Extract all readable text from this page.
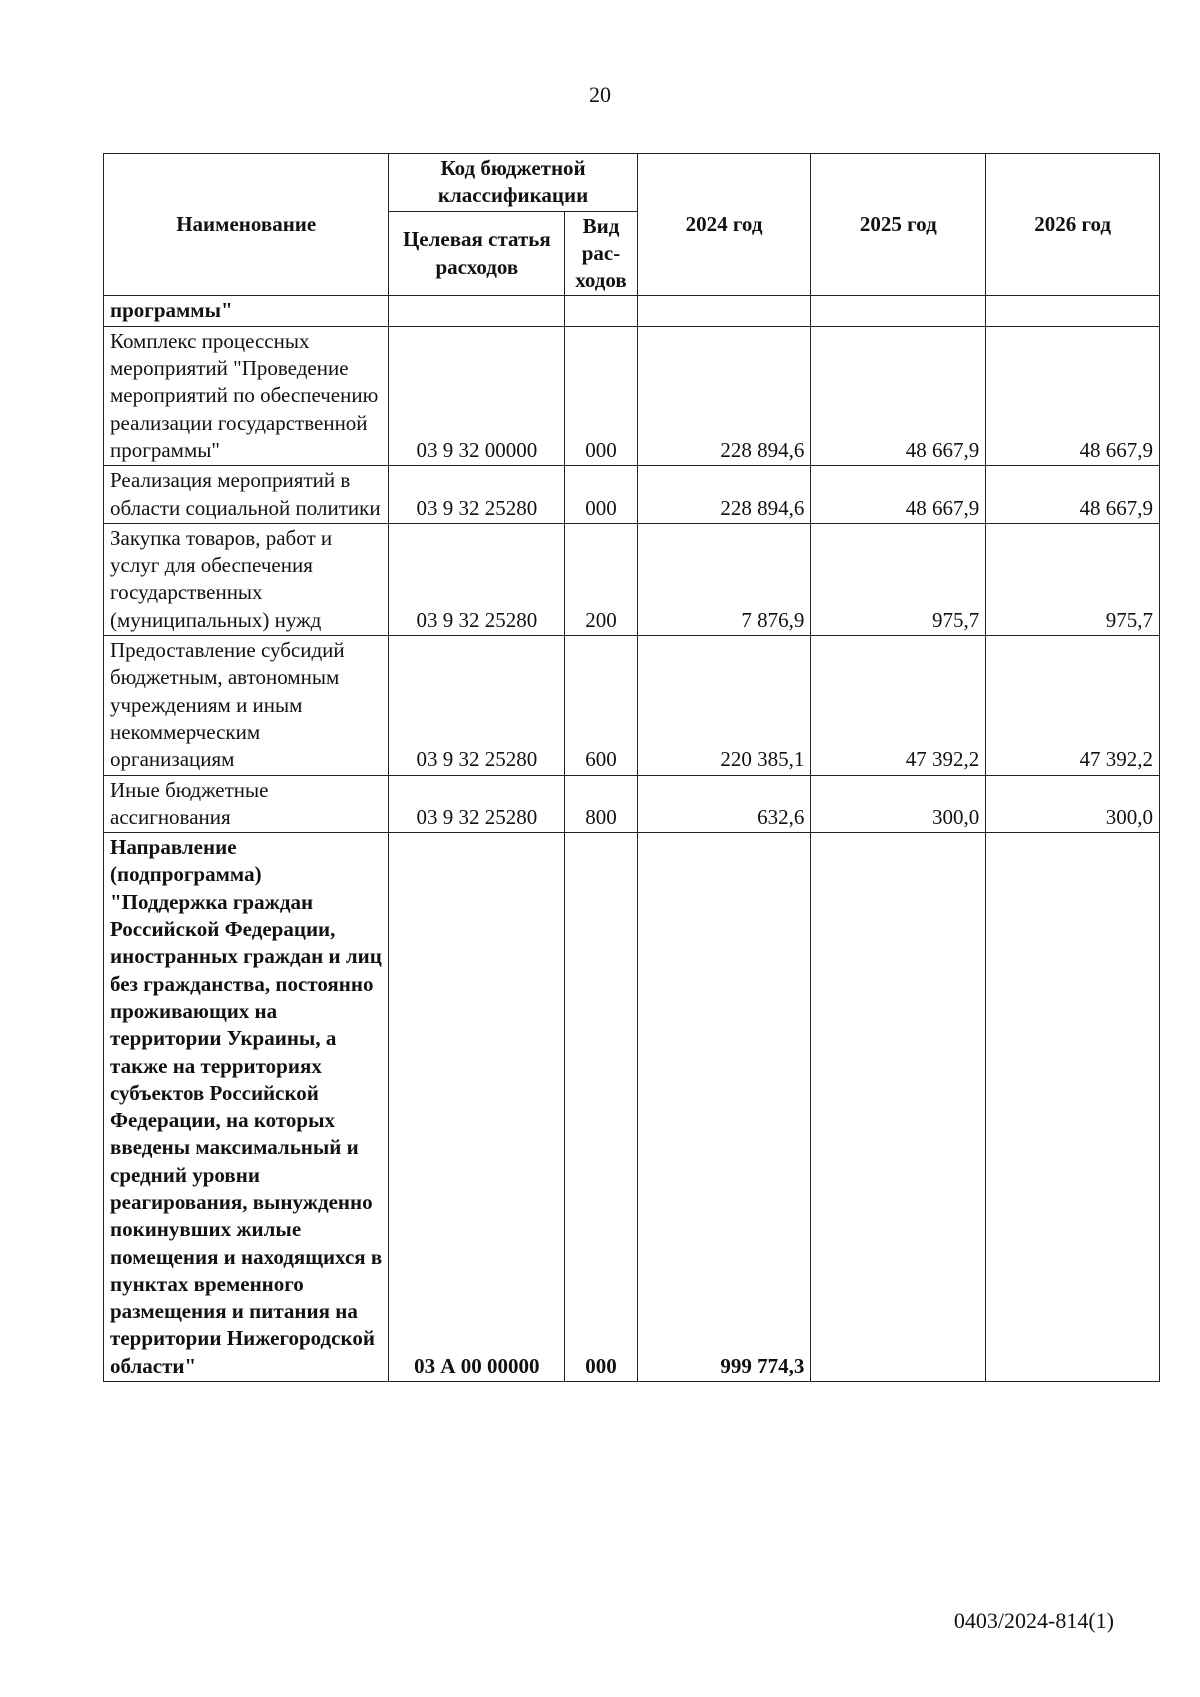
20
Наименование	Код бюджетной классификации		2024 год	2025 год	2026 год
	Целевая статья расходов	Вид рас-ходов			
программы"					
Комплекс процессных мероприятий "Проведение мероприятий по обеспечению реализации государственной программы"	03 9 32 00000	000	228 894,6	48 667,9	48 667,9
Реализация мероприятий в области социальной политики	03 9 32 25280	000	228 894,6	48 667,9	48 667,9
Закупка товаров, работ и услуг для обеспечения государственных (муниципальных) нужд	03 9 32 25280	200	7 876,9	975,7	975,7
Предоставление субсидий бюджетным, автономным учреждениям и иным некоммерческим организациям	03 9 32 25280	600	220 385,1	47 392,2	47 392,2
Иные бюджетные ассигнования	03 9 32 25280	800	632,6	300,0	300,0
Направление (подпрограмма) "Поддержка граждан Российской Федерации, иностранных граждан и лиц без гражданства, постоянно проживающих на территории Украины, а также на территориях субъектов Российской Федерации, на которых введены максимальный и средний уровни реагирования, вынужденно покинувших жилые помещения и находящихся в пунктах временного размещения и питания на территории Нижегородской области"	03 А 00 00000	000	999 774,3		
0403/2024-814(1)
